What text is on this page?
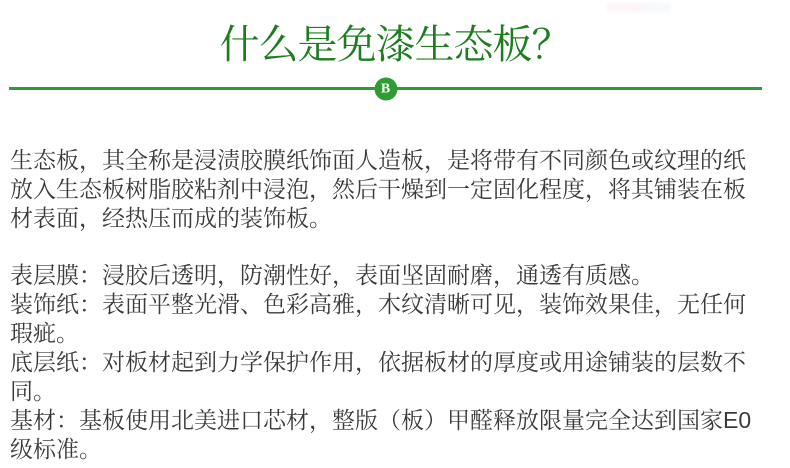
什么是免漆生态板？
B

生态板，其全称是浸渍胶膜纸饰面人造板，是将带有不同颜色或纹理的纸放入生态板树脂胶粘剂中浸泡，然后干燥到一定固化程度，将其铺装在板材表面，经热压而成的装饰板。

表层膜：浸胶后透明，防潮性好，表面坚固耐磨，通透有质感。

装饰纸：表面平整光滑、色彩高雅，木纹清晰可见，装饰效果佳，无任何瑕疵。

底层纸：对板材起到力学保护作用，依据板材的厚度或用途铺装的层数不同。

基材：基板使用北美进口芯材，整版（板）甲醛释放限量完全达到国家E0级标准。
